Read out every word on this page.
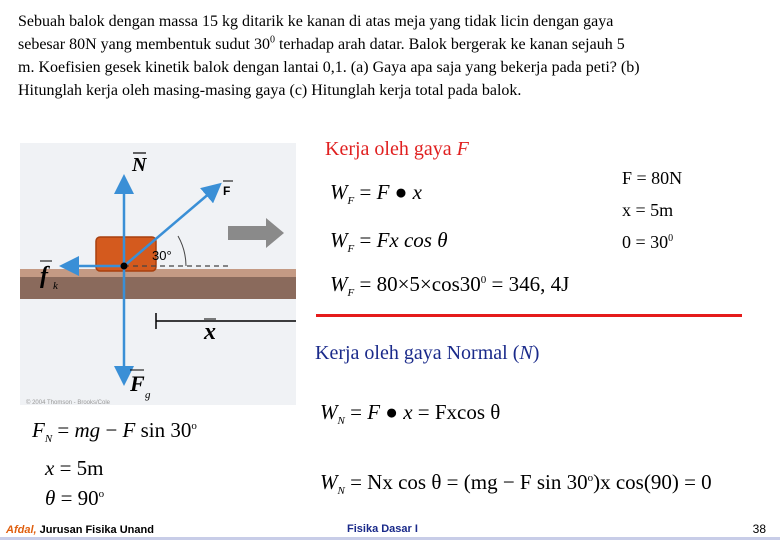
Sebuah balok dengan massa 15 kg ditarik ke kanan di atas meja yang tidak licin dengan gaya
sebesar 80N yang membentuk sudut $30^0$ terhadap arah datar. Balok bergerak ke kanan sejauh 5
m. Koefisien gesek kinetik balok dengan lantai 0,1. (a) Gaya apa saja yang bekerja pada peti? (b)
Hitunglah kerja oleh masing-masing gaya (c) Hitunglah kerja total pada balok.
N
F
30°
f k
x
F g
© 2004 Thomson - Brooks/Cole
$F_N$ = mg − F sin 30$^o$
x = 5m
$\theta = 90^o$
Kerja oleh gaya F
$W_F = F$ ● x
$W_F = Fx$ cos θ
$W_F = 80\times 5\times\cos 30^0 = 346$, 4J
F = 80N
x = 5m
$0 = 30^0$
Kerja oleh gaya Normal (N)
$W_N = F$ ● x = Fxcos θ
$W_N = Nx$ cos θ = (mg − F sin 30$^o$)x cos(90) = 0
Afdal, Jurusan Fisika Unand	Fisika Dasar I	38
